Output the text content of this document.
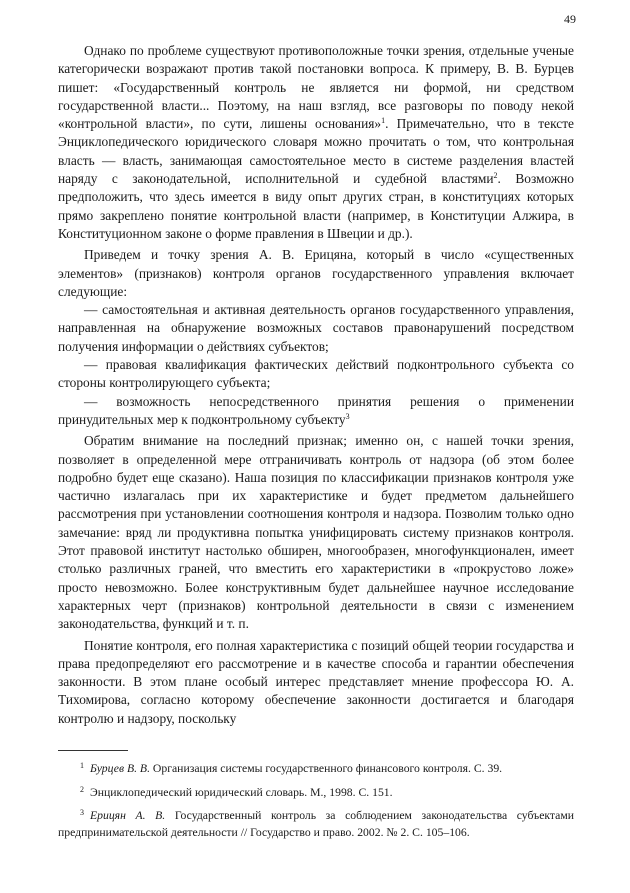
49

Однако по проблеме существуют противоположные точки зрения, отдельные ученые категорически возражают против такой постановки вопроса. К примеру, В. В. Бурцев пишет: «Государственный контроль не является ни формой, ни средством государственной власти... Поэтому, на наш взгляд, все разговоры по поводу некой «контрольной власти», по сути, лишены основания»$^1$. Примечательно, что в тексте Энциклопедического юридического словаря можно прочитать о том, что контрольная власть — власть, занимающая самостоятельное место в системе разделения властей наряду с законодательной, исполнительной и судебной властями$^2$. Возможно предположить, что здесь имеется в виду опыт других стран, в конституциях которых прямо закреплено понятие контрольной власти (например, в Конституции Алжира, в Конституционном законе о форме правления в Швеции и др.).

Приведем и точку зрения А. В. Ерицяна, который в число «существенных элементов» (признаков) контроля органов государственного управления включает следующие:

— самостоятельная и активная деятельность органов государственного управления, направленная на обнаружение возможных составов правонарушений посредством получения информации о действиях субъектов;

— правовая квалификация фактических действий подконтрольного субъекта со стороны контролирующего субъекта;

— возможность непосредственного принятия решения о применении принудительных мер к подконтрольному субъекту$^3$

Обратим внимание на последний признак; именно он, с нашей точки зрения, позволяет в определенной мере отграничивать контроль от надзора (об этом более подробно будет еще сказано). Наша позиция по классификации признаков контроля уже частично излагалась при их характеристике и будет предметом дальнейшего рассмотрения при установлении соотношения контроля и надзора. Позволим только одно замечание: вряд ли продуктивна попытка унифицировать систему признаков контроля. Этот правовой институт настолько обширен, многообразен, многофункционален, имеет столько различных граней, что вместить его характеристики в «прокрустово ложе» просто невозможно. Более конструктивным будет дальнейшее научное исследование характерных черт (признаков) контрольной деятельности в связи с изменением законодательства, функций и т. п.

Понятие контроля, его полная характеристика с позиций общей теории государства и права предопределяют его рассмотрение и в качестве способа и гарантии обеспечения законности. В этом плане особый интерес представляет мнение профессора Ю. А. Тихомирова, согласно которому обеспечение законности достигается и благодаря контролю и надзору, поскольку

$^1$ Бурцев В. В. Организация системы государственного финансового контроля. С. 39.

$^2$ Энциклопедический юридический словарь. М., 1998. С. 151.

$^3$ Ерицян А. В. Государственный контроль за соблюдением законодательства субъектами предпринимательской деятельности // Государство и право. 2002. № 2. С. 105–106.
